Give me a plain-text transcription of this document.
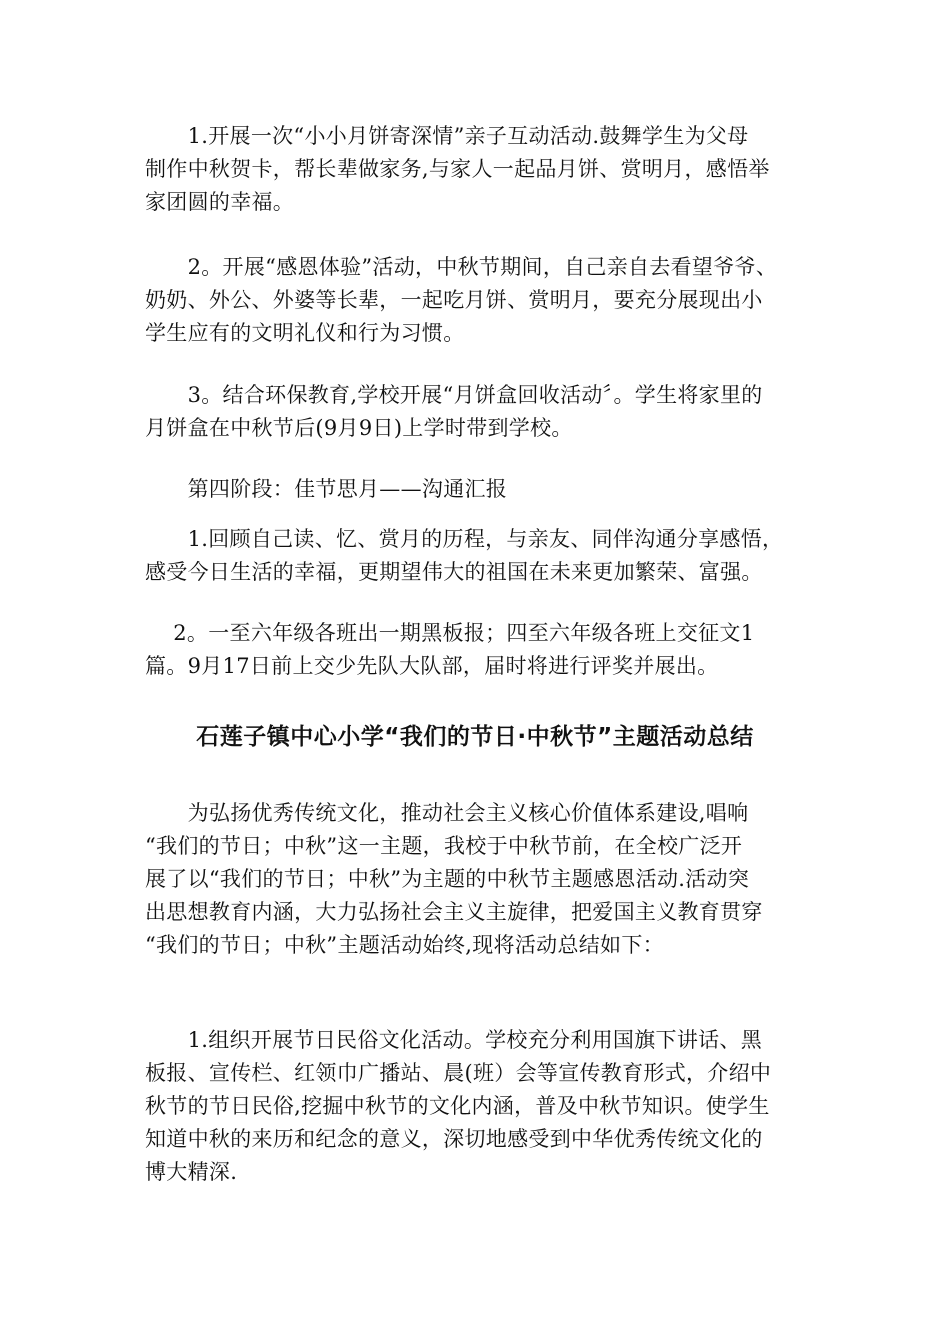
　　1.开展一次“小小月饼寄深情”亲子互动活动.鼓舞学生为父母
制作中秋贺卡，帮长辈做家务,与家人一起品月饼、赏明月，感悟举
家团圆的幸福。

　　2。开展“感恩体验”活动，中秋节期间，自己亲自去看望爷爷、
奶奶、外公、外婆等长辈，一起吃月饼、赏明月，要充分展现出小
学生应有的文明礼仪和行为习惯。

　　3。结合环保教育,学校开展“月饼盒回收活动〞。学生将家里的
月饼盒在中秋节后(9月9日)上学时带到学校。

　　第四阶段：佳节思月——沟通汇报

　　1.回顾自己读、忆、赏月的历程，与亲友、同伴沟通分享感悟，
感受今日生活的幸福，更期望伟大的祖国在未来更加繁荣、富强。

　 2。一至六年级各班出一期黑板报；四至六年级各班上交征文1
篇。9月17日前上交少先队大队部，届时将进行评奖并展出。

石莲子镇中心小学“我们的节日·中秋节”主题活动总结

　　为弘扬优秀传统文化，推动社会主义核心价值体系建设,唱响
“我们的节日；中秋”这一主题，我校于中秋节前，在全校广泛开
展了以“我们的节日；中秋”为主题的中秋节主题感恩活动.活动突
出思想教育内涵，大力弘扬社会主义主旋律，把爱国主义教育贯穿
“我们的节日；中秋”主题活动始终,现将活动总结如下：

　　1.组织开展节日民俗文化活动。学校充分利用国旗下讲话、黑
板报、宣传栏、红领巾广播站、晨(班）会等宣传教育形式，介绍中
秋节的节日民俗,挖掘中秋节的文化内涵，普及中秋节知识。使学生
知道中秋的来历和纪念的意义，深切地感受到中华优秀传统文化的
博大精深.
